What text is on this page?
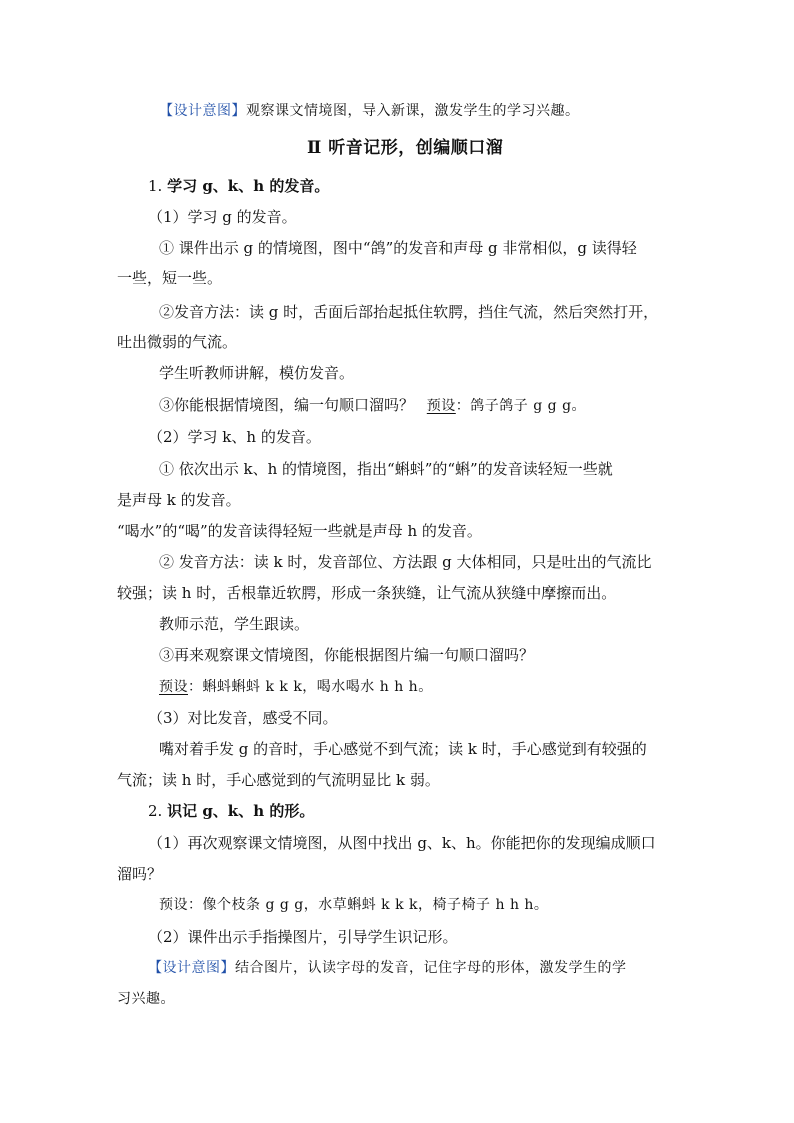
【设计意图】观察课文情境图，导入新课，激发学生的学习兴趣。
Ⅱ 听音记形，创编顺口溜
1. 学习 g、k、h 的发音。
（1）学习 g 的发音。
① 课件出示 g 的情境图，图中“鸽”的发音和声母 g 非常相似，g 读得轻
一些，短一些。
②发音方法：读 g 时，舌面后部抬起抵住软腭，挡住气流，然后突然打开，
吐出微弱的气流。
学生听教师讲解，模仿发音。
③你能根据情境图，编一句顺口溜吗？ 预设：鸽子鸽子 g g g。
（2）学习 k、h 的发音。
① 依次出示 k、h 的情境图，指出“蝌蚪”的“蝌”的发音读轻短一些就
是声母 k 的发音。
“喝水”的“喝”的发音读得轻短一些就是声母 h 的发音。
② 发音方法：读 k 时，发音部位、方法跟 g 大体相同，只是吐出的气流比
较强；读 h 时，舌根靠近软腭，形成一条狭缝，让气流从狭缝中摩擦而出。
教师示范，学生跟读。
③再来观察课文情境图，你能根据图片编一句顺口溜吗？
预设：蝌蚪蝌蚪 k k k，喝水喝水 h h h。
（3）对比发音，感受不同。
嘴对着手发 g 的音时，手心感觉不到气流；读 k 时，手心感觉到有较强的
气流；读 h 时，手心感觉到的气流明显比 k 弱。
2. 识记 g、k、h 的形。
（1）再次观察课文情境图，从图中找出 g、k、h。你能把你的发现编成顺口
溜吗？
预设：像个枝条 g g g，水草蝌蚪 k k k，椅子椅子 h h h。
（2）课件出示手指操图片，引导学生识记形。
【设计意图】结合图片，认读字母的发音，记住字母的形体，激发学生的学
习兴趣。
